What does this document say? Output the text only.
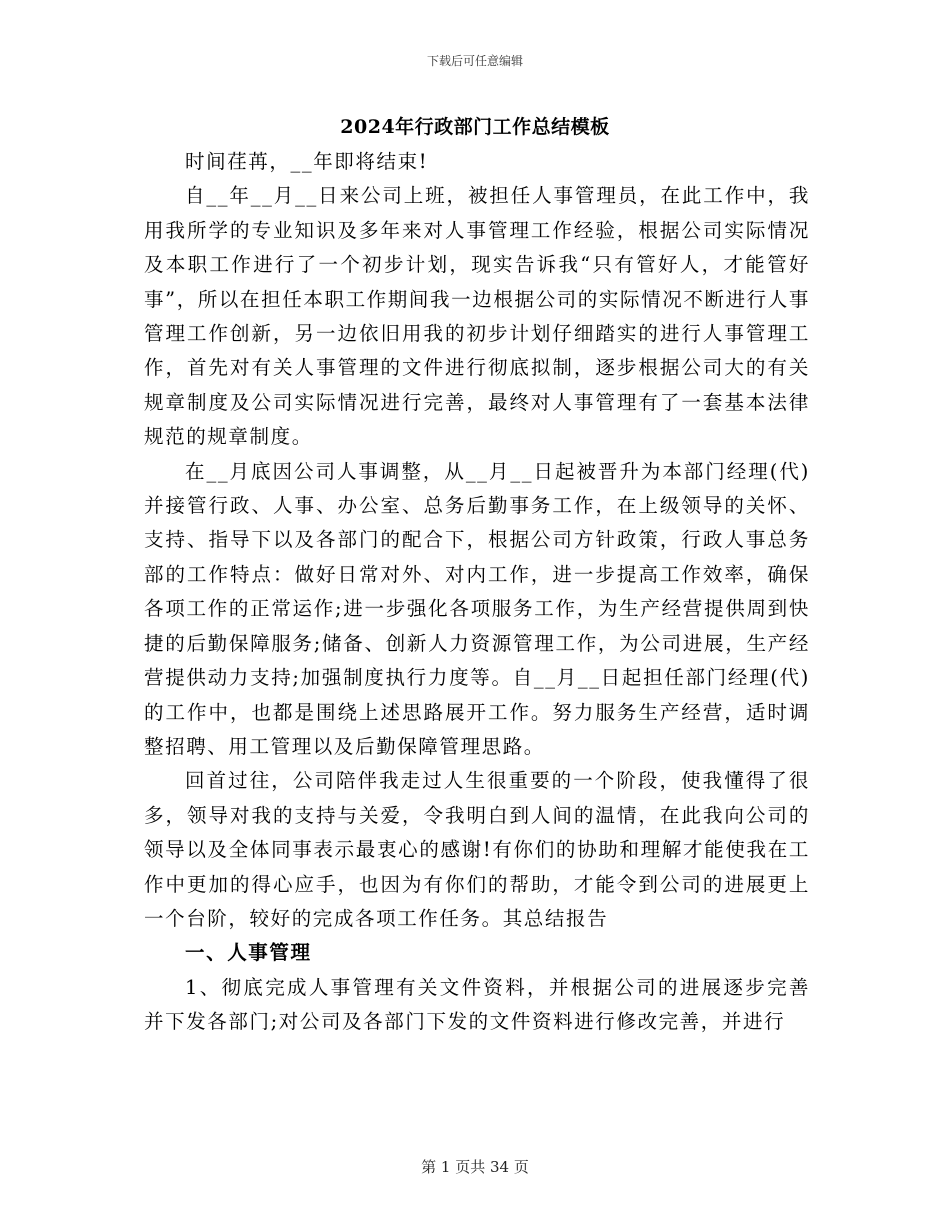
下载后可任意编辑
2024年行政部门工作总结模板

时间荏苒，__年即将结束!

自__年__月__日来公司上班，被担任人事管理员，在此工作中，我用我所学的专业知识及多年来对人事管理工作经验，根据公司实际情况及本职工作进行了一个初步计划，现实告诉我“只有管好人，才能管好事”，所以在担任本职工作期间我一边根据公司的实际情况不断进行人事管理工作创新，另一边依旧用我的初步计划仔细踏实的进行人事管理工作，首先对有关人事管理的文件进行彻底拟制，逐步根据公司大的有关规章制度及公司实际情况进行完善，最终对人事管理有了一套基本法律规范的规章制度。

在__月底因公司人事调整，从__月__日起被晋升为本部门经理(代)并接管行政、人事、办公室、总务后勤事务工作，在上级领导的关怀、支持、指导下以及各部门的配合下，根据公司方针政策，行政人事总务部的工作特点：做好日常对外、对内工作，进一步提高工作效率，确保各项工作的正常运作;进一步强化各项服务工作，为生产经营提供周到快捷的后勤保障服务;储备、创新人力资源管理工作，为公司进展，生产经营提供动力支持;加强制度执行力度等。自__月__日起担任部门经理(代)的工作中，也都是围绕上述思路展开工作。努力服务生产经营，适时调整招聘、用工管理以及后勤保障管理思路。

回首过往，公司陪伴我走过人生很重要的一个阶段，使我懂得了很多，领导对我的支持与关爱，令我明白到人间的温情，在此我向公司的领导以及全体同事表示最衷心的感谢!有你们的协助和理解才能使我在工作中更加的得心应手，也因为有你们的帮助，才能令到公司的进展更上一个台阶，较好的完成各项工作任务。其总结报告

一、人事管理

1、彻底完成人事管理有关文件资料，并根据公司的进展逐步完善并下发各部门;对公司及各部门下发的文件资料进行修改完善，并进行

第 1 页共 34 页
